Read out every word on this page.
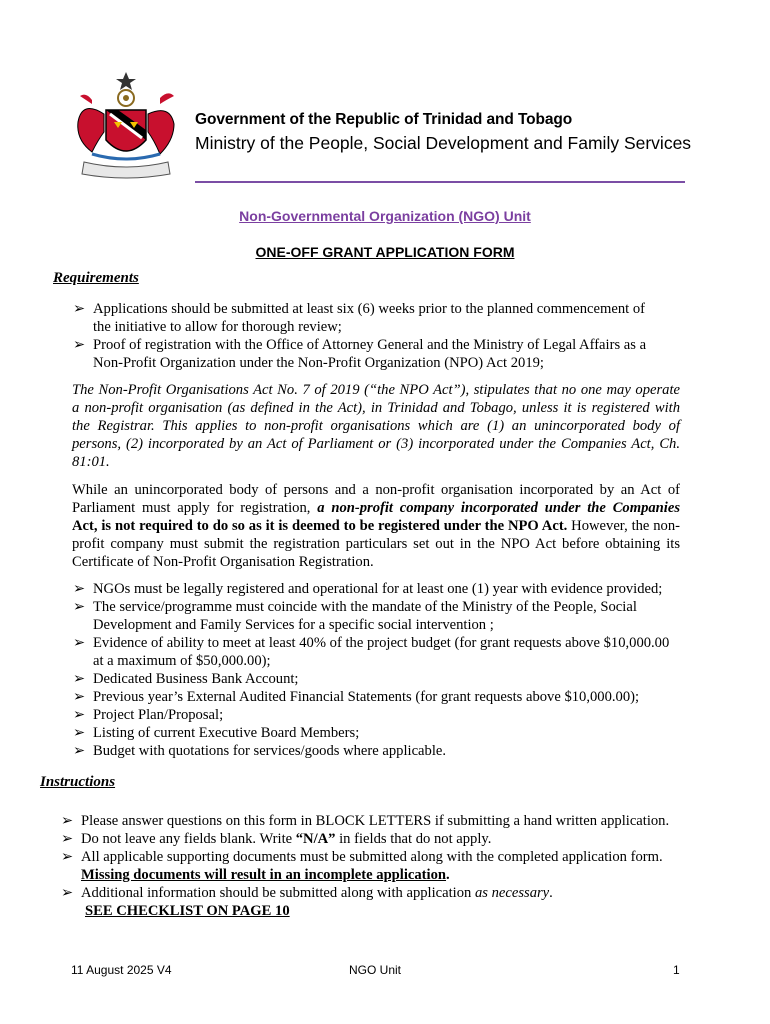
Government of the Republic of Trinidad and Tobago
Ministry of the People, Social Development and Family Services
Non-Governmental Organization (NGO) Unit
ONE-OFF GRANT APPLICATION FORM
Requirements
➢ Applications should be submitted at least six (6) weeks prior to the planned commencement of
the initiative to allow for thorough review;
➢ Proof of registration with the Office of Attorney General and the Ministry of Legal Affairs as a
Non-Profit Organization under the Non-Profit Organization (NPO) Act 2019;
The Non-Profit Organisations Act No. 7 of 2019 (“the NPO Act”), stipulates that no one may operate
a non-profit organisation (as defined in the Act), in Trinidad and Tobago, unless it is registered with
the Registrar. This applies to non-profit organisations which are (1) an unincorporated body of
persons, (2) incorporated by an Act of Parliament or (3) incorporated under the Companies Act, Ch.
81:01.
While an unincorporated body of persons and a non-profit organisation incorporated by an Act of
Parliament must apply for registration, a non-profit company incorporated under the Companies
Act, is not required to do so as it is deemed to be registered under the NPO Act. However, the non-
profit company must submit the registration particulars set out in the NPO Act before obtaining its
Certificate of Non-Profit Organisation Registration.
➢ NGOs must be legally registered and operational for at least one (1) year with evidence provided;
➢ The service/programme must coincide with the mandate of the Ministry of the People, Social
Development and Family Services for a specific social intervention ;
➢ Evidence of ability to meet at least 40% of the project budget (for grant requests above $10,000.00
at a maximum of $50,000.00);
➢ Dedicated Business Bank Account;
➢ Previous year’s External Audited Financial Statements (for grant requests above $10,000.00);
➢ Project Plan/Proposal;
➢ Listing of current Executive Board Members;
➢ Budget with quotations for services/goods where applicable.
Instructions
➢ Please answer questions on this form in BLOCK LETTERS if submitting a hand written application.
➢ Do not leave any fields blank. Write “N/A” in fields that do not apply.
➢ All applicable supporting documents must be submitted along with the completed application form.
Missing documents will result in an incomplete application.
➢ Additional information should be submitted along with application as necessary.
SEE CHECKLIST ON PAGE 10
11 August 2025 V4	NGO Unit	1
